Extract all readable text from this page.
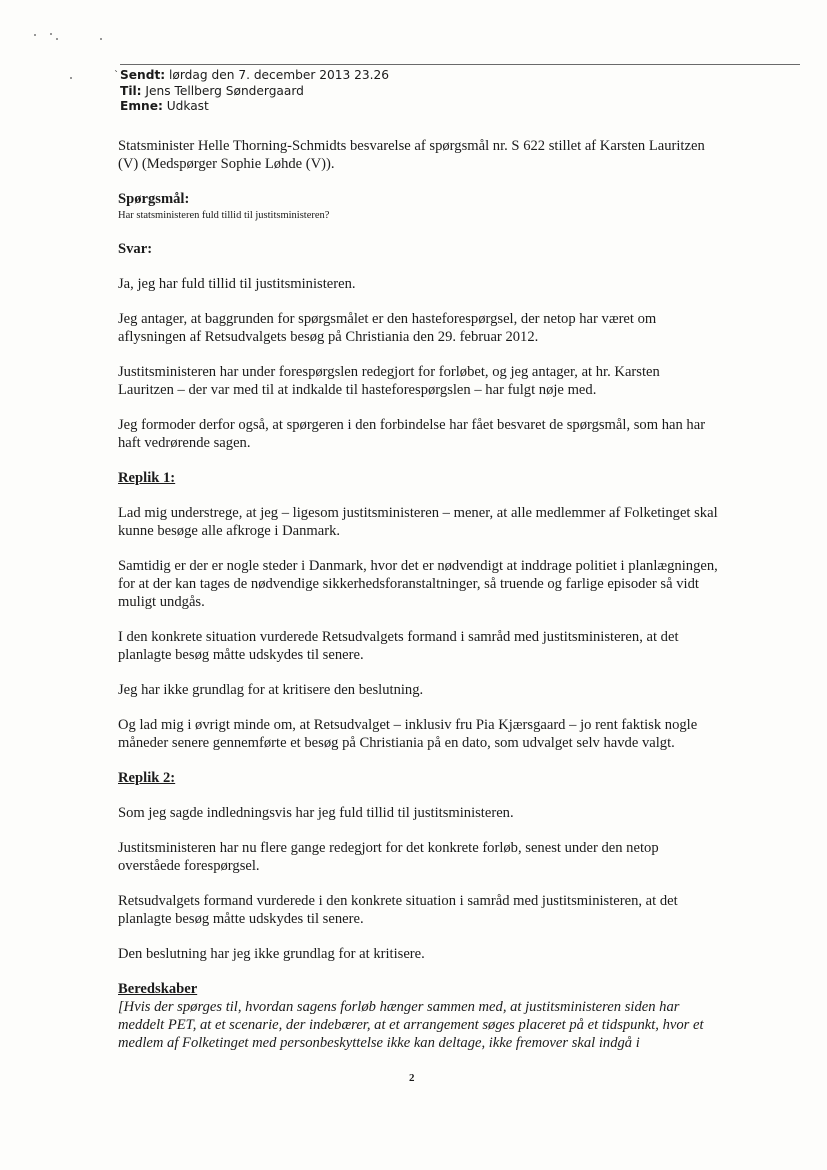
ˋ Sendt: lørdag den 7. december 2013 23.26
Til: Jens Tellberg Søndergaard
Emne: Udkast

Statsminister Helle Thorning-Schmidts besvarelse af spørgsmål nr. S 622 stillet af Karsten Lauritzen (V) (Medspørger Sophie Løhde (V)).

Spørgsmål:

Har statsministeren fuld tillid til justitsministeren?

Svar:

Ja, jeg har fuld tillid til justitsministeren.

Jeg antager, at baggrunden for spørgsmålet er den hasteforespørgsel, der netop har været om aflysningen af Retsudvalgets besøg på Christiania den 29. februar 2012.

Justitsministeren har under forespørgslen redegjort for forløbet, og jeg antager, at hr. Karsten Lauritzen – der var med til at indkalde til hasteforespørgslen – har fulgt nøje med.

Jeg formoder derfor også, at spørgeren i den forbindelse har fået besvaret de spørgsmål, som han har haft vedrørende sagen.

Replik 1:

Lad mig understrege, at jeg – ligesom justitsministeren – mener, at alle medlemmer af Folketinget skal kunne besøge alle afkroge i Danmark.

Samtidig er der er nogle steder i Danmark, hvor det er nødvendigt at inddrage politiet i planlægningen, for at der kan tages de nødvendige sikkerhedsforanstaltninger, så truende og farlige episoder så vidt muligt undgås.

I den konkrete situation vurderede Retsudvalgets formand i samråd med justitsministeren, at det planlagte besøg måtte udskydes til senere.

Jeg har ikke grundlag for at kritisere den beslutning.

Og lad mig i øvrigt minde om, at Retsudvalget – inklusiv fru Pia Kjærsgaard – jo rent faktisk nogle måneder senere gennemførte et besøg på Christiania på en dato, som udvalget selv havde valgt.

Replik 2:

Som jeg sagde indledningsvis har jeg fuld tillid til justitsministeren.

Justitsministeren har nu flere gange redegjort for det konkrete forløb, senest under den netop overståede forespørgsel.

Retsudvalgets formand vurderede i den konkrete situation i samråd med justitsministeren, at det planlagte besøg måtte udskydes til senere.

Den beslutning har jeg ikke grundlag for at kritisere.

Beredskaber

[Hvis der spørges til, hvordan sagens forløb hænger sammen med, at justitsministeren siden har meddelt PET, at et scenarie, der indebærer, at et arrangement søges placeret på et tidspunkt, hvor et medlem af Folketinget med personbeskyttelse ikke kan deltage, ikke fremover skal indgå i

2
